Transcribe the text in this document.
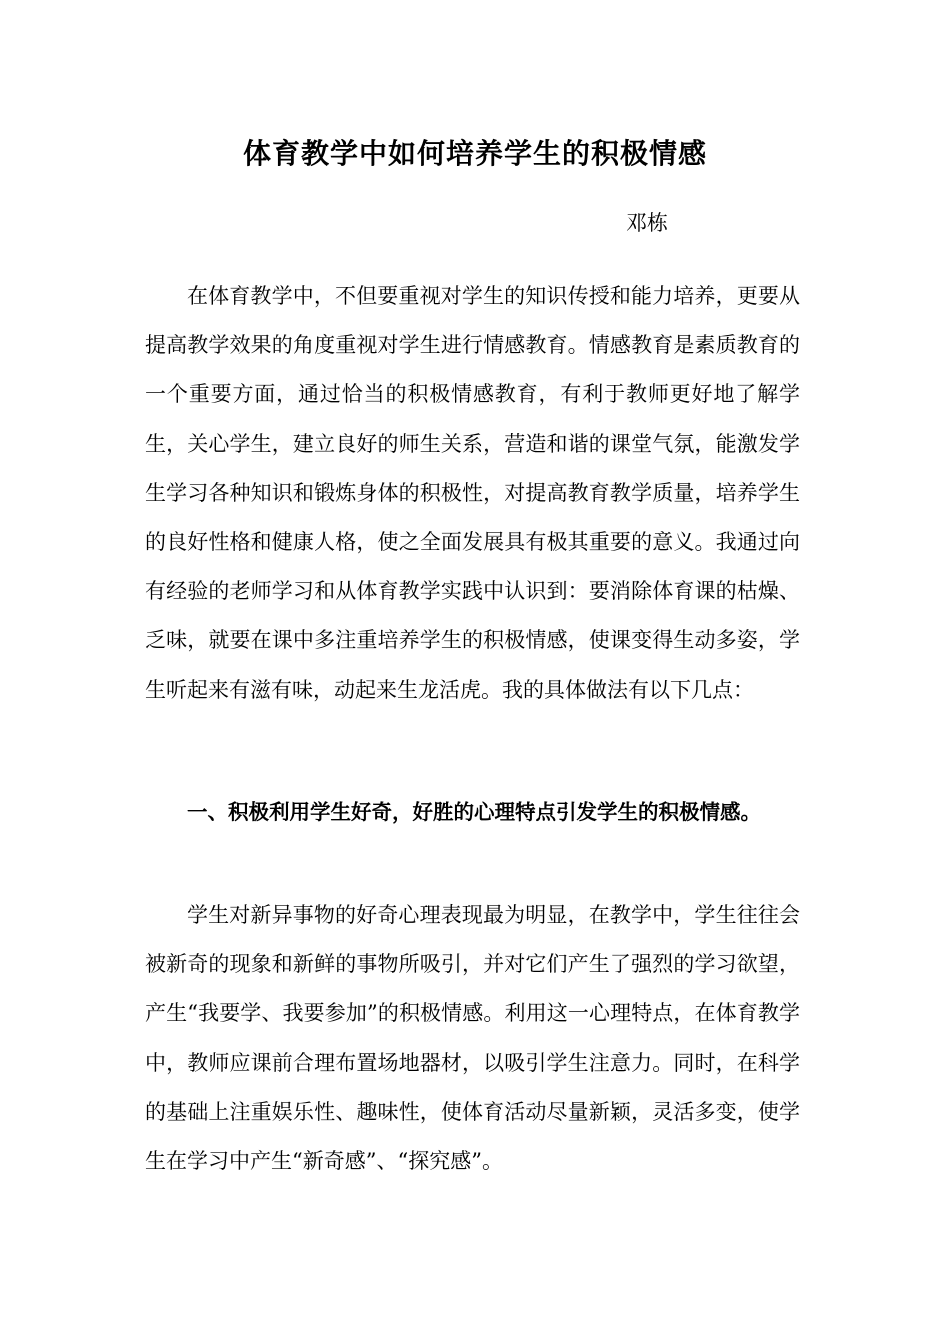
体育教学中如何培养学生的积极情感

邓栋

在体育教学中，不但要重视对学生的知识传授和能力培养，更要从提高教学效果的角度重视对学生进行情感教育。情感教育是素质教育的一个重要方面，通过恰当的积极情感教育，有利于教师更好地了解学生，关心学生，建立良好的师生关系，营造和谐的课堂气氛，能激发学生学习各种知识和锻炼身体的积极性，对提高教育教学质量，培养学生的良好性格和健康人格，使之全面发展具有极其重要的意义。我通过向有经验的老师学习和从体育教学实践中认识到：要消除体育课的枯燥、乏味，就要在课中多注重培养学生的积极情感，使课变得生动多姿，学生听起来有滋有味，动起来生龙活虎。我的具体做法有以下几点：

一、积极利用学生好奇，好胜的心理特点引发学生的积极情感。

学生对新异事物的好奇心理表现最为明显，在教学中，学生往往会被新奇的现象和新鲜的事物所吸引，并对它们产生了强烈的学习欲望，产生“我要学、我要参加”的积极情感。利用这一心理特点，在体育教学中，教师应课前合理布置场地器材，以吸引学生注意力。同时，在科学的基础上注重娱乐性、趣味性，使体育活动尽量新颖，灵活多变，使学生在学习中产生“新奇感”、“探究感”。
